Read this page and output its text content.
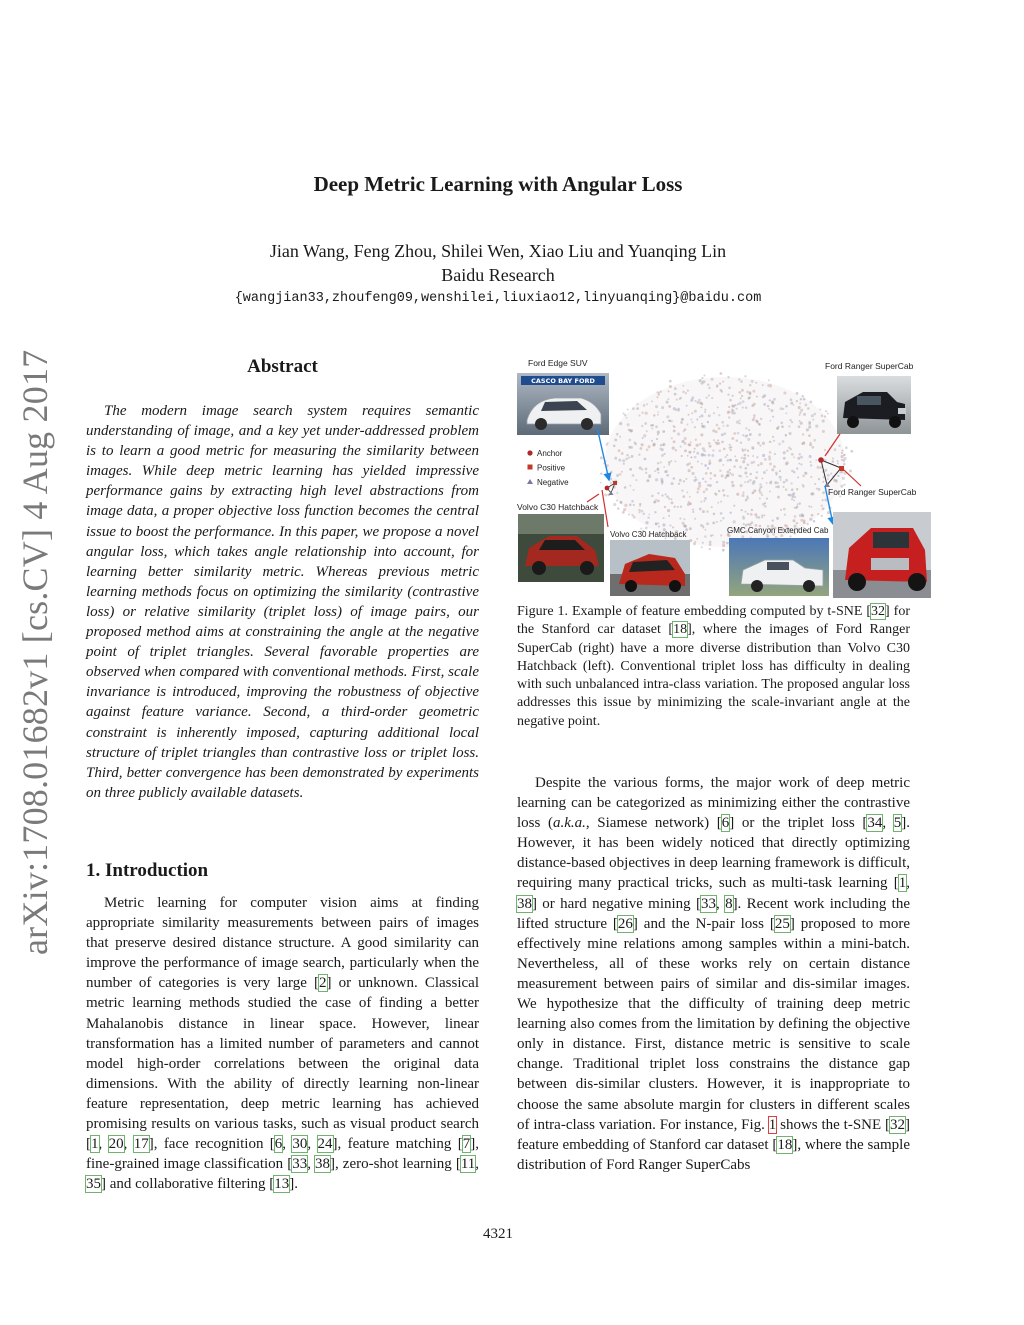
arXiv:1708.01682v1 [cs.CV] 4 Aug 2017
Deep Metric Learning with Angular Loss
Jian Wang, Feng Zhou, Shilei Wen, Xiao Liu and Yuanqing Lin
Baidu Research
{wangjian33,zhoufeng09,wenshilei,liuxiao12,linyuanqing}@baidu.com
Abstract
The modern image search system requires semantic understanding of image, and a key yet under-addressed problem is to learn a good metric for measuring the similarity between images. While deep metric learning has yielded impressive performance gains by extracting high level abstractions from image data, a proper objective loss function becomes the central issue to boost the performance. In this paper, we propose a novel angular loss, which takes angle relationship into account, for learning better similarity metric. Whereas previous metric learning methods focus on optimizing the similarity (contrastive loss) or relative similarity (triplet loss) of image pairs, our proposed method aims at constraining the angle at the negative point of triplet triangles. Several favorable properties are observed when compared with conventional methods. First, scale invariance is introduced, improving the robustness of objective against feature variance. Second, a third-order geometric constraint is inherently imposed, capturing additional local structure of triplet triangles than contrastive loss or triplet loss. Third, better convergence has been demonstrated by experiments on three publicly available datasets.
1. Introduction
Metric learning for computer vision aims at finding appropriate similarity measurements between pairs of images that preserve desired distance structure. A good similarity can improve the performance of image search, particularly when the number of categories is very large [2] or unknown. Classical metric learning methods studied the case of finding a better Mahalanobis distance in linear space. However, linear transformation has a limited number of parameters and cannot model high-order correlations between the original data dimensions. With the ability of directly learning non-linear feature representation, deep metric learning has achieved promising results on various tasks, such as visual product search [1, 20, 17], face recognition [6, 30, 24], feature matching [7], fine-grained image classification [33, 38], zero-shot learning [11, 35] and collaborative filtering [13].
CASCO BAY FORD
Ford Edge SUV	Ford Ranger SuperCab
Anchor
Positive
Negative
Volvo C30 Hatchback
Volvo C30 Hatchback	GMC Canyon Extended Cab
Ford Ranger SuperCab
Figure 1. Example of feature embedding computed by t-SNE [32] for the Stanford car dataset [18], where the images of Ford Ranger SuperCab (right) have a more diverse distribution than Volvo C30 Hatchback (left). Conventional triplet loss has difficulty in dealing with such unbalanced intra-class variation. The proposed angular loss addresses this issue by minimizing the scale-invariant angle at the negative point.
Despite the various forms, the major work of deep metric learning can be categorized as minimizing either the contrastive loss (a.k.a., Siamese network) [6] or the triplet loss [34, 5]. However, it has been widely noticed that directly optimizing distance-based objectives in deep learning framework is difficult, requiring many practical tricks, such as multi-task learning [1, 38] or hard negative mining [33, 8]. Recent work including the lifted structure [26] and the N-pair loss [25] proposed to more effectively mine relations among samples within a mini-batch. Nevertheless, all of these works rely on certain distance measurement between pairs of similar and dis-similar images. We hypothesize that the difficulty of training deep metric learning also comes from the limitation by defining the objective only in distance. First, distance metric is sensitive to scale change. Traditional triplet loss constrains the distance gap between dis-similar clusters. However, it is inappropriate to choose the same absolute margin for clusters in different scales of intra-class variation. For instance, Fig. 1 shows the t-SNE [32] feature embedding of Stanford car dataset [18], where the sample distribution of Ford Ranger SuperCabs
4321
